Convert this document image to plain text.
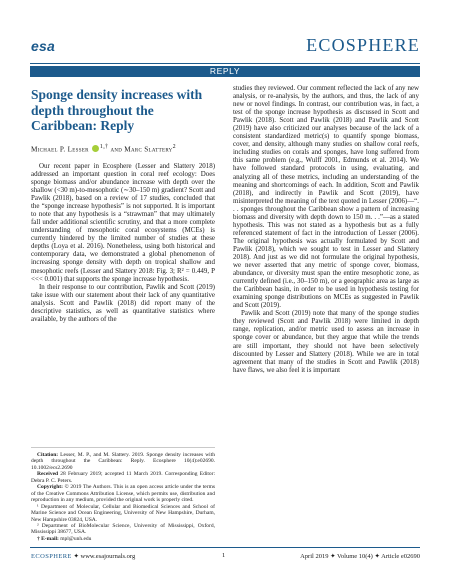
esa	ECOSPHERE
REPLY
Sponge density increases with depth throughout the Caribbean: Reply
Michael P. Lesser $^{1,\dagger}$ and Marc Slattery$^2$

Our recent paper in Ecosphere (Lesser and Slattery 2018) addressed an important question in coral reef ecology: Does sponge biomass and/or abundance increase with depth over the shallow (<30 m)-to-mesophotic (∼30–150 m) gradient? Scott and Pawlik (2018), based on a review of 17 studies, concluded that the “sponge increase hypothesis” is not supported. It is important to note that any hypothesis is a “strawman” that may ultimately fall under additional scientific scrutiny, and that a more complete understanding of mesophotic coral ecosystems (MCEs) is currently hindered by the limited number of studies at these depths (Loya et al. 2016). Nonetheless, using both historical and contemporary data, we demonstrated a global phenomenon of increasing sponge density with depth on tropical shallow and mesophotic reefs (Lesser and Slattery 2018: Fig. 3; R² = 0.449, P <<< 0.001) that supports the sponge increase hypothesis.

In their response to our contribution, Pawlik and Scott (2019) take issue with our statement about their lack of any quantitative analysis. Scott and Pawlik (2018) did report many of the descriptive statistics, as well as quantitative statistics where available, by the authors of the

Citation: Lesser, M. P., and M. Slattery. 2019. Sponge density increases with depth throughout the Caribbean: Reply. Ecosphere 10(4):e02690. 10.1002/ecs2.2690

Received 28 February 2019; accepted 11 March 2019. Corresponding Editor: Debra P. C. Peters.

Copyright: © 2019 The Authors. This is an open access article under the terms of the Creative Commons Attribution License, which permits use, distribution and reproduction in any medium, provided the original work is properly cited.

¹ Department of Molecular, Cellular and Biomedical Sciences and School of Marine Science and Ocean Engineering, University of New Hampshire, Durham, New Hampshire 03824, USA.

² Department of BioMolecular Science, University of Mississippi, Oxford, Mississippi 38677, USA.

† E-mail: mpl@unh.edu

studies they reviewed. Our comment reflected the lack of any new analysis, or re-analysis, by the authors, and thus, the lack of any new or novel findings. In contrast, our contribution was, in fact, a test of the sponge increase hypothesis as discussed in Scott and Pawlik (2018). Scott and Pawlik (2018) and Pawlik and Scott (2019) have also criticized our analyses because of the lack of a consistent standardized metric(s) to quantify sponge biomass, cover, and density, although many studies on shallow coral reefs, including studies on corals and sponges, have long suffered from this same problem (e.g., Wulff 2001, Edmunds et al. 2014). We have followed standard protocols in using, evaluating, and analyzing all of these metrics, including an understanding of the meaning and shortcomings of each. In addition, Scott and Pawlik (2018), and indirectly in Pawlik and Scott (2019), have misinterpreted the meaning of the text quoted in Lesser (2006)—“. . . sponges throughout the Caribbean show a pattern of increasing biomass and diversity with depth down to 150 m. . .”—as a stated hypothesis. This was not stated as a hypothesis but as a fully referenced statement of fact in the introduction of Lesser (2006). The original hypothesis was actually formulated by Scott and Pawlik (2018), which we sought to test in Lesser and Slattery 2018). And just as we did not formulate the original hypothesis, we never asserted that any metric of sponge cover, biomass, abundance, or diversity must span the entire mesophotic zone, as currently defined (i.e., 30–150 m), or a geographic area as large as the Caribbean basin, in order to be used in hypothesis testing for examining sponge distributions on MCEs as suggested in Pawlik and Scott (2019).

Pawlik and Scott (2019) note that many of the sponge studies they reviewed (Scott and Pawlik 2018) were limited in depth range, replication, and/or metric used to assess an increase in sponge cover or abundance, but they argue that while the trends are still important, they should not have been selectively discounted by Lesser and Slattery (2018). While we are in total agreement that many of the studies in Scott and Pawlik (2018) have flaws, we also feel it is important

ECOSPHERE ✦ www.esajournals.org	1	April 2019 ✦ Volume 10(4) ✦ Article e02690
